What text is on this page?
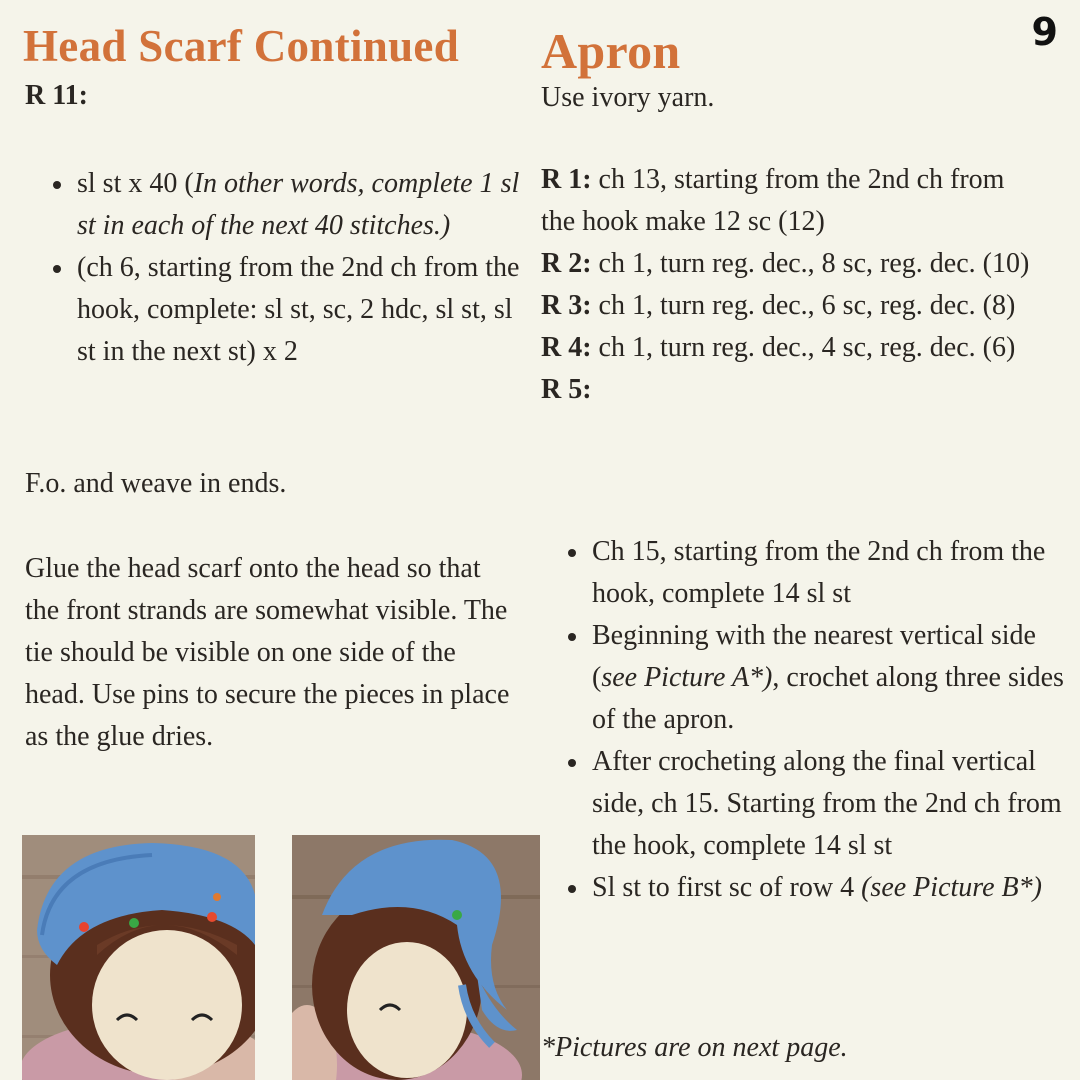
9
Head Scarf Continued
R 11:
sl st x 40 (In other words, complete 1 sl st in each of the next 40 stitches.)
(ch 6, starting from the 2nd ch from the hook, complete: sl st, sc, 2 hdc, sl st, sl st in the next st) x 2
F.o. and weave in ends.
Glue the head scarf onto the head so that the front strands are somewhat visible. The tie should be visible on one side of the head. Use pins to secure the pieces in place as the glue dries.
Apron
Use ivory yarn.
R 1: ch 13, starting from the 2nd ch from the hook make 12 sc (12)
R 2: ch 1, turn reg. dec., 8 sc, reg. dec. (10)
R 3: ch 1, turn reg. dec., 6 sc, reg. dec. (8)
R 4: ch 1, turn reg. dec., 4 sc, reg. dec. (6)
R 5:
Ch 15, starting from the 2nd ch from the hook, complete 14 sl st
Beginning with the nearest vertical side (see Picture A*), crochet along three sides of the apron.
After crocheting along the final vertical side, ch 15. Starting from the 2nd ch from the hook, complete 14 sl st
Sl st to first sc of row 4 (see Picture B*)
*Pictures are on next page.
